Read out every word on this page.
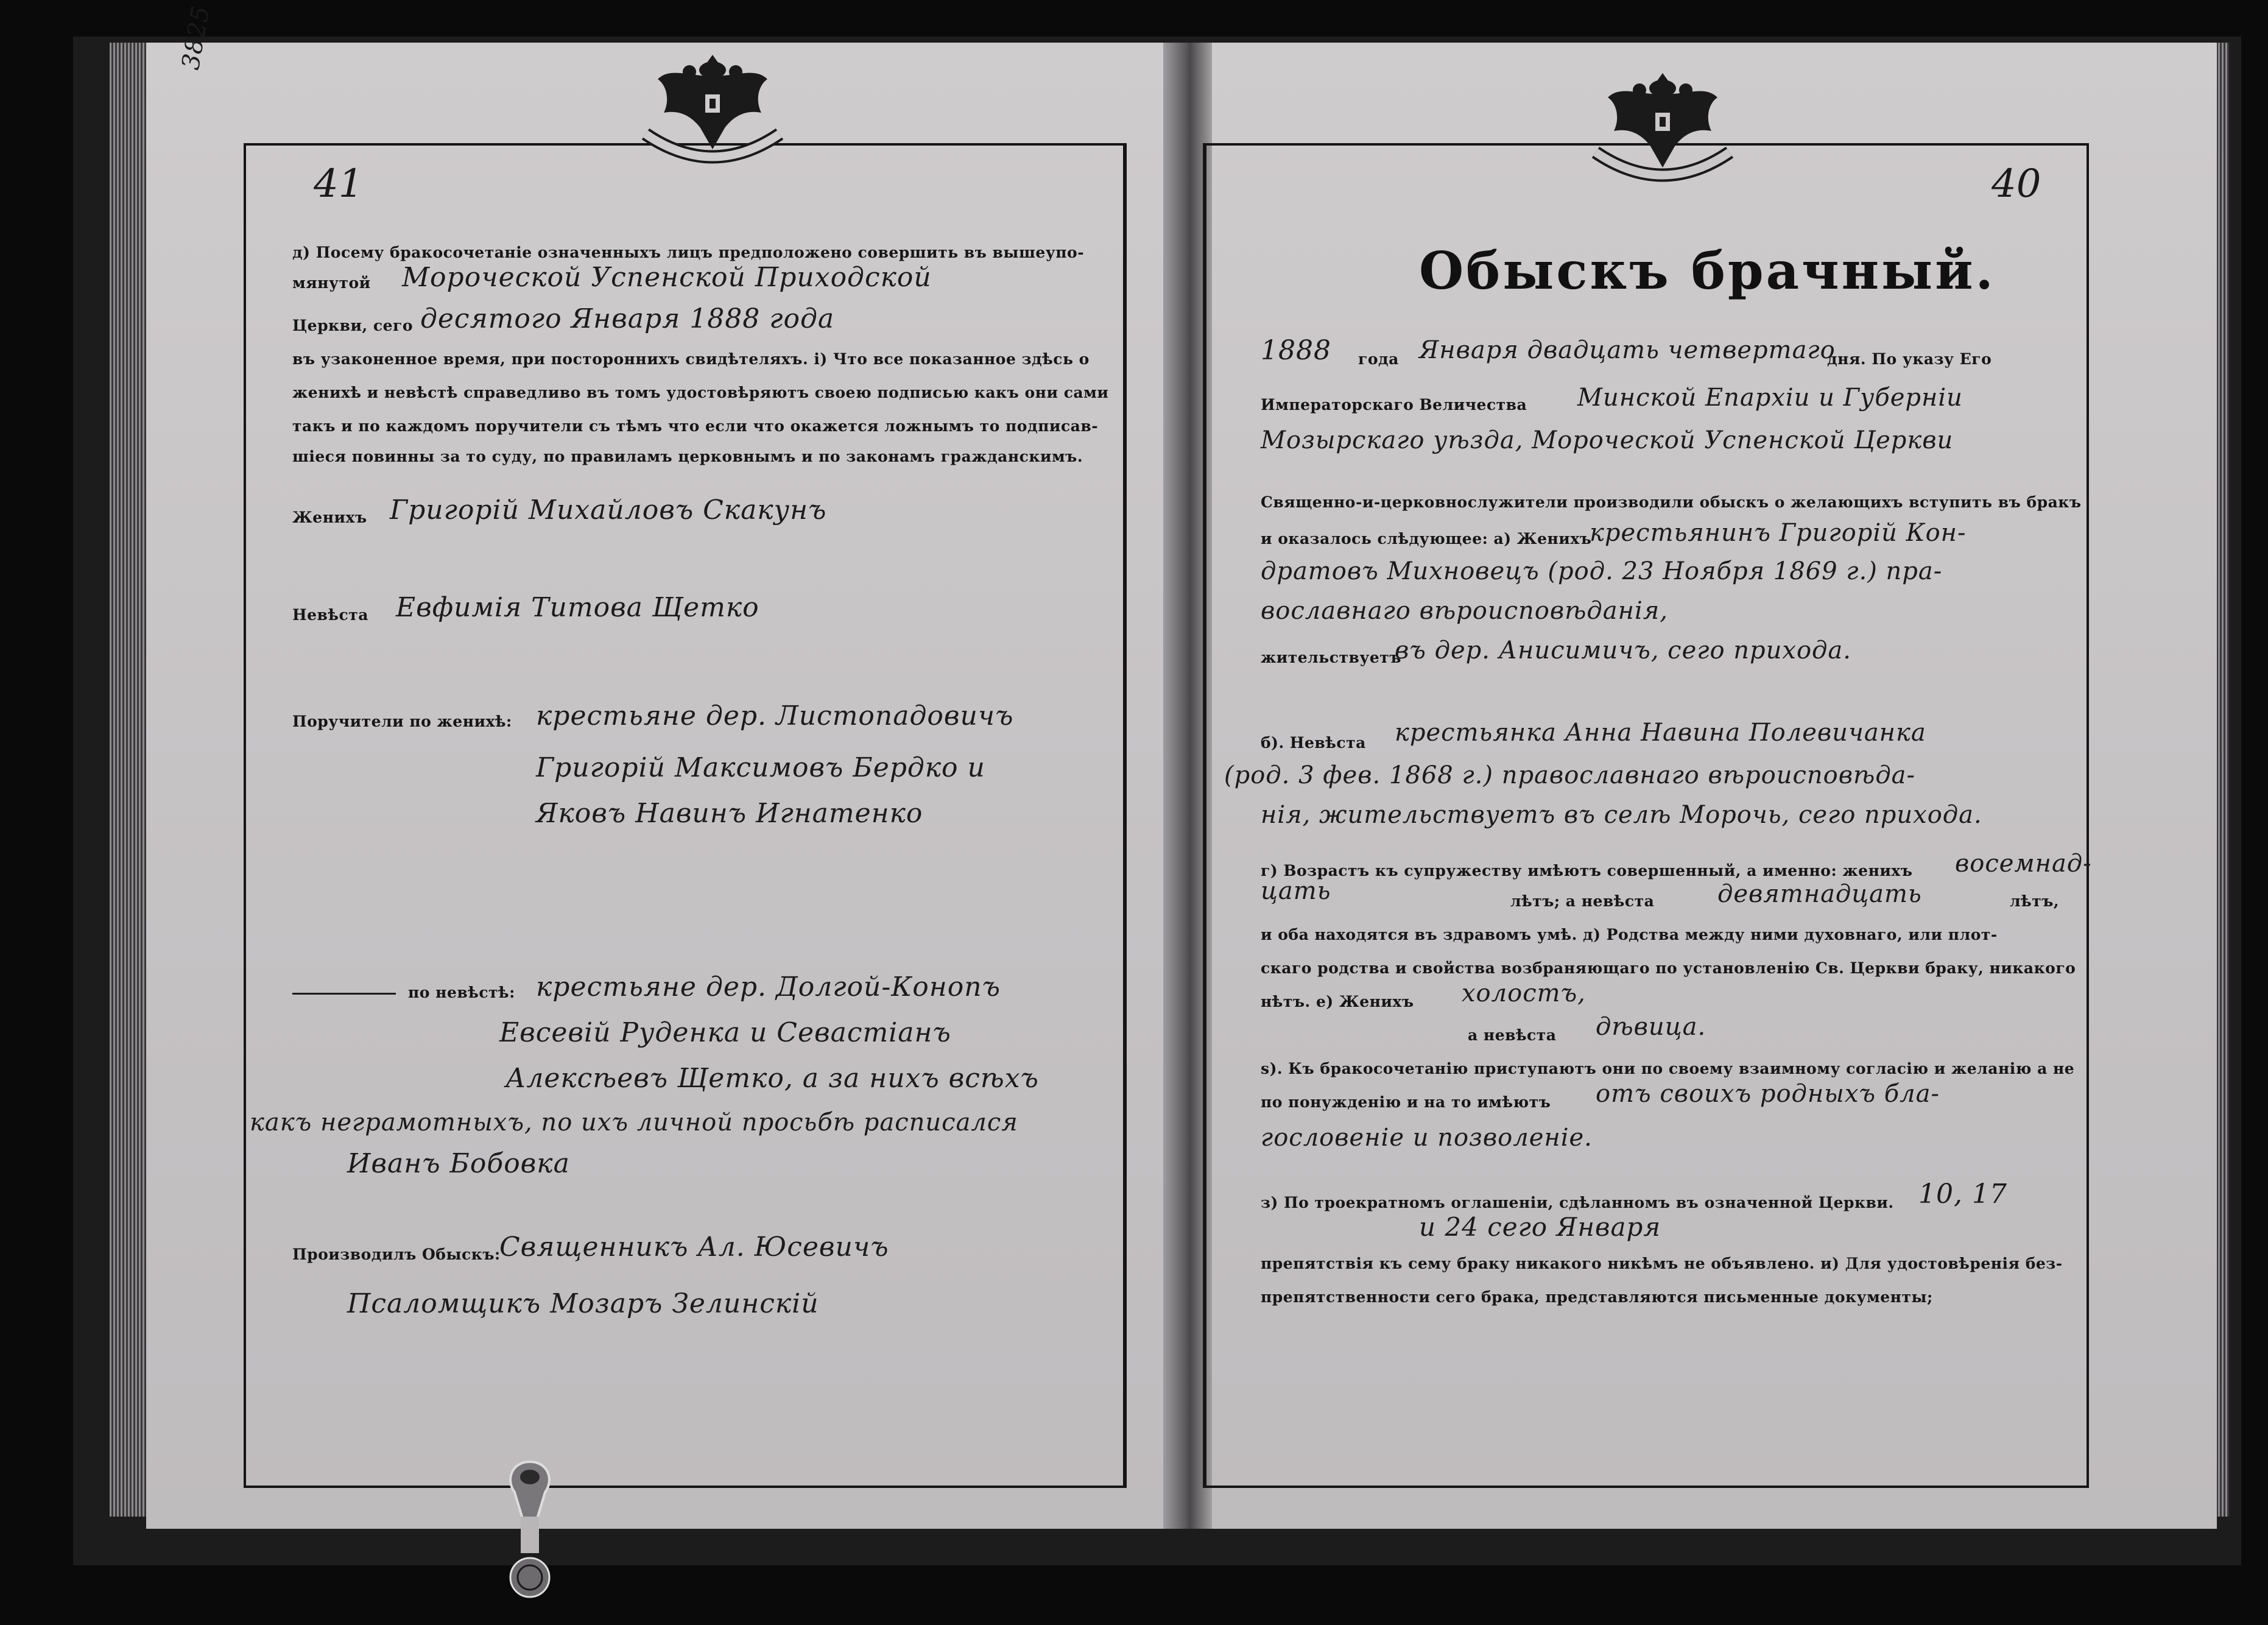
3825
41	40
д) Посему бракосочетаніе означенныхъ лицъ предположено совершить въ вышеупо-
мянутой Мороческой Успенской Приходской
Церкви, сего десятого Января 1888 года
въ узаконенное время, при постороннихъ свидѣтеляхъ. і) Что все показанное здѣсь о
женихѣ и невѣстѣ справедливо въ томъ удостовѣряютъ своею подписью какъ они сами
такъ и по каждомъ поручители съ тѣмъ что если что окажется ложнымъ то подписав-
шіеся повинны за то суду, по правиламъ церковнымъ и по законамъ гражданскимъ.
Женихъ Григорій Михайловъ Скакунъ
Невѣста Евфимія Титова Щетко
Поручители по женихѣ: крестьяне дер. Листопадовичъ
Григорій Максимовъ Бердко и
Яковъ Навинъ Игнатенко
по невѣстѣ: крестьяне дер. Долгой-Конопъ
Евсевій Руденка и Севастіанъ
Алексѣевъ Щетко, а за нихъ всѣхъ
какъ неграмотныхъ, по ихъ личной просьбѣ расписался
Иванъ Бобовка
Производилъ Обыскъ:
Священникъ Ал. Юсевичъ
Псаломщикъ Мозаръ Зелинскій
Обыскъ брачный.
1888 года Января двадцать четвертаго
дня. По указу Его
Императорскаго Величества Минской Епархіи и Губерніи
Мозырскаго уѣзда, Мороческой Успенской Церкви
Священно-и-церковнослужители производили обыскъ о желающихъ вступить въ бракъ
и оказалось слѣдующее: а) Женихъ
крестьянинъ Григорій Кон-
дратовъ Михновецъ (род. 23 Ноября 1869 г.) пра-
вославнаго вѣроисповѣданія,
жительствуетъ
въ дер. Анисимичъ, сего прихода.
б). Невѣста крестьянка Анна Навина Полевичанка
(род. 3 фев. 1868 г.) православнаго вѣроисповѣда-
нія, жительствуетъ въ селѣ Морочь, сего прихода.
г) Возрастъ къ супружеству имѣютъ совершенный, а именно: женихъ восемнад-
цать	лѣтъ; а невѣста	девятнадцать	лѣтъ,
и оба находятся въ здравомъ умѣ. д) Родства между ними духовнаго, или плот-
скаго родства и свойства возбраняющаго по установленію Св. Церкви браку, никакого
нѣтъ. е) Женихъ холостъ,
а невѣста дѣвица.
s). Къ бракосочетанію приступаютъ они по своему взаимному согласію и желанію а не
по понужденію и на то имѣютъ отъ своихъ родныхъ бла-
гословеніе и позволеніе.
з) По троекратномъ оглашеніи, сдѣланномъ въ означенной Церкви. 10, 17
и 24 сего Января
препятствія къ сему браку никакого никѣмъ не объявлено. и) Для удостовѣренія без-
препятственности сего брака, представляются письменные документы;
